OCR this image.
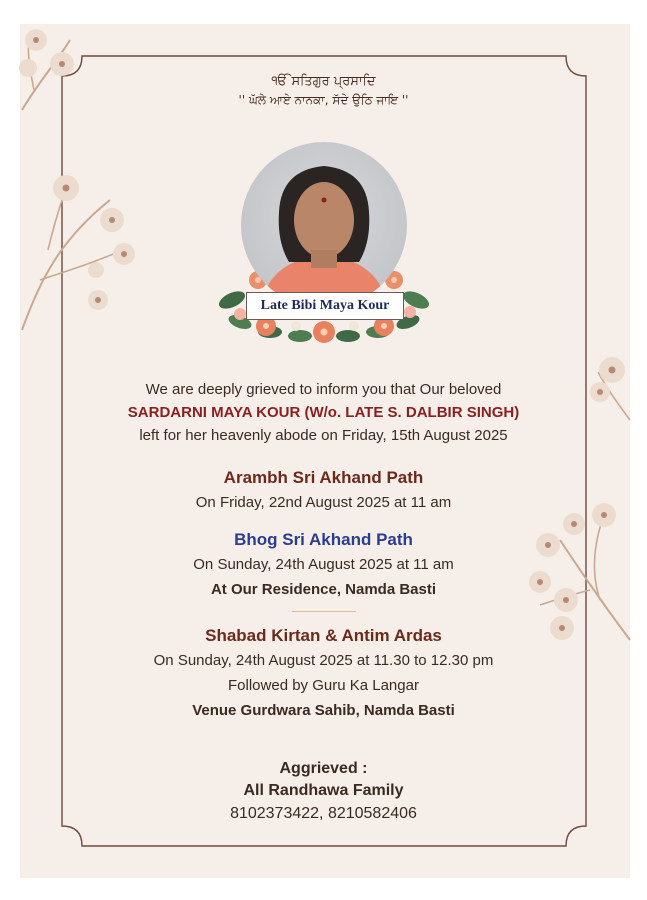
ੴ ਸਤਿਗੁਰ ਪ੍ਰਸਾਦਿ
'' ਘੱਲੇ ਆਏ ਨਾਨਕਾ, ਸੱਦੇ ਉਠਿ ਜਾਇ ''
Late Bibi Maya Kour
We are deeply grieved to inform you that Our beloved
SARDARNI MAYA KOUR (W/o. LATE S. DALBIR SINGH)
left for her heavenly abode on Friday, 15th August 2025
Arambh Sri Akhand Path
On Friday, 22nd August 2025 at 11 am
Bhog Sri Akhand Path
On Sunday, 24th August 2025 at 11 am
At Our Residence, Namda Basti
Shabad Kirtan & Antim Ardas
On Sunday, 24th August 2025 at 11.30 to 12.30 pm
Followed by Guru Ka Langar
Venue Gurdwara Sahib, Namda Basti
Aggrieved :
All Randhawa Family
8102373422, 8210582406
